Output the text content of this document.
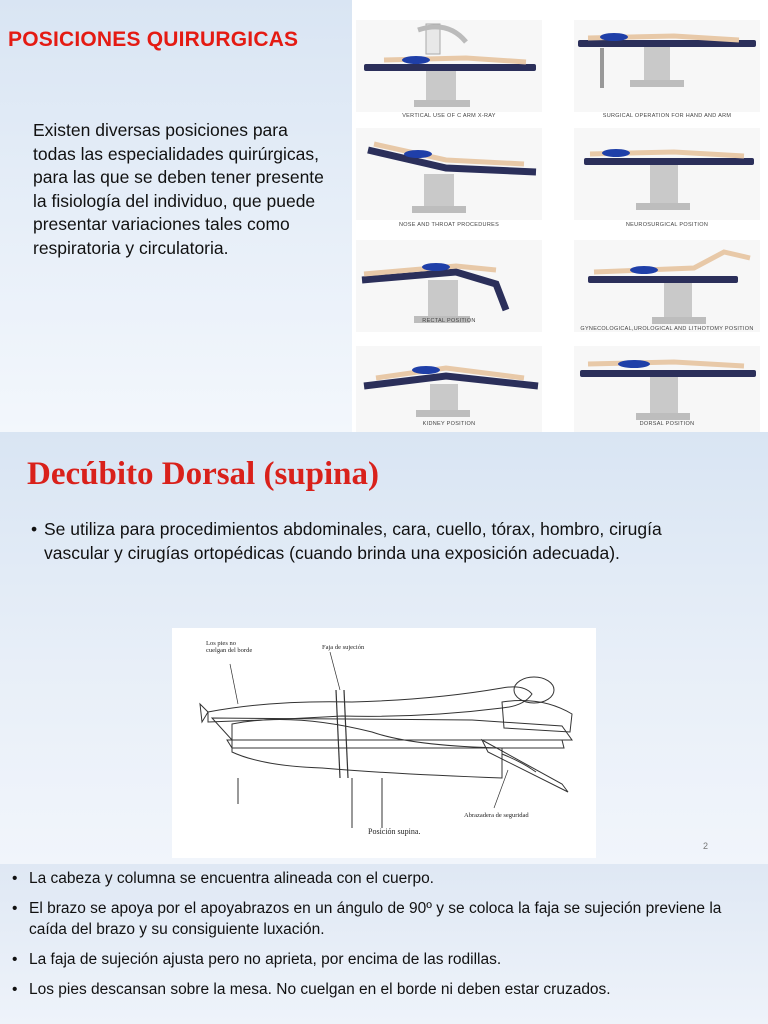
POSICIONES QUIRURGICAS
Existen diversas posiciones para todas las especialidades quirúrgicas, para las que se deben tener presente la fisiología del individuo, que puede presentar variaciones tales como respiratoria y circulatoria.
VERTICAL USE OF C ARM X-RAY	SURGICAL OPERATION FOR HAND AND ARM
NOSE AND THROAT PROCEDURES	NEUROSURGICAL POSITION
RECTAL POSITION
GYNECOLOGICAL,UROLOGICAL AND LITHOTOMY POSITION
KIDNEY POSITION	DORSAL POSITION
Decúbito Dorsal (supina)
• Se utiliza para procedimientos abdominales, cara, cuello, tórax, hombro, cirugía vascular y cirugías ortopédicas (cuando brinda una exposición adecuada).
Los pies no cuelgan del borde	Faja de sujeción
Abrazadera de seguridad
Posición supina.
2
• La cabeza y columna se encuentra alineada con el cuerpo.
• El brazo se apoya por el apoyabrazos en un ángulo de 90º y se coloca la faja se sujeción previene la caída del brazo y su consiguiente luxación.
• La faja de sujeción ajusta pero no aprieta, por encima de las rodillas.
• Los pies descansan sobre la mesa. No cuelgan en el borde ni deben estar cruzados.
